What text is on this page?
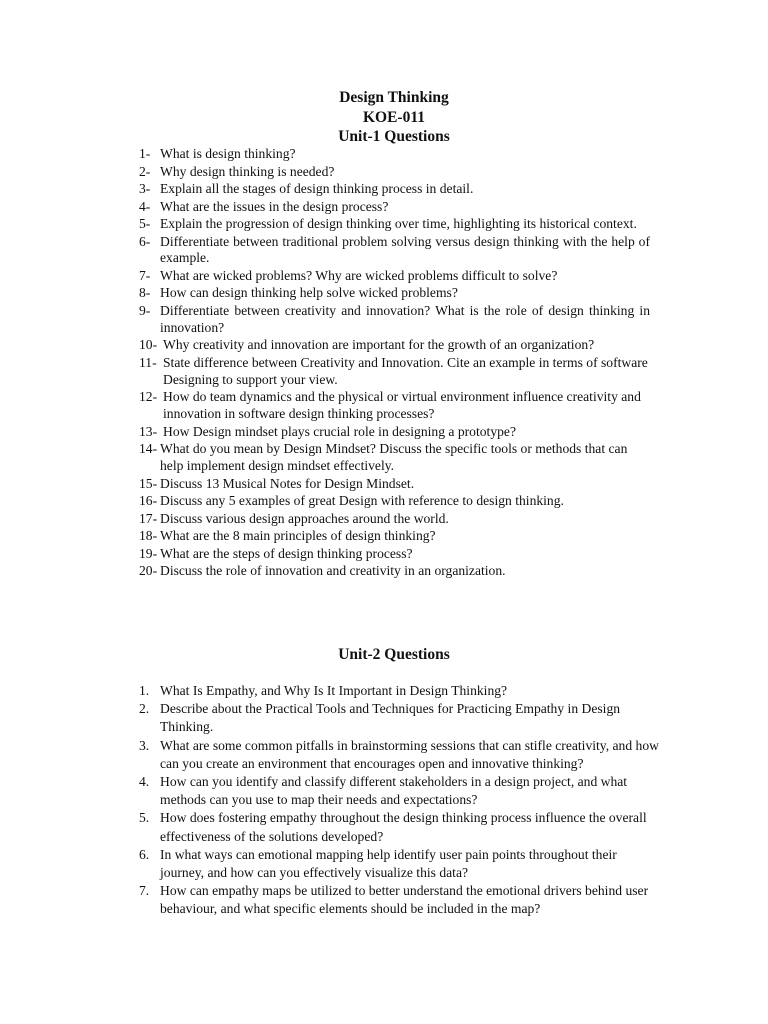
Design Thinking
KOE-011
Unit-1 Questions
1- What is design thinking?
2- Why design thinking is needed?
3- Explain all the stages of design thinking process in detail.
4- What are the issues in the design process?
5- Explain the progression of design thinking over time, highlighting its historical context.
6- Differentiate between traditional problem solving versus design thinking with the help of example.
7- What are wicked problems? Why are wicked problems difficult to solve?
8- How can design thinking help solve wicked problems?
9- Differentiate between creativity and innovation? What is the role of design thinking in innovation?
10- Why creativity and innovation are important for the growth of an organization?
11- State difference between Creativity and Innovation. Cite an example in terms of software Designing to support your view.
12- How do team dynamics and the physical or virtual environment influence creativity and innovation in software design thinking processes?
13- How Design mindset plays crucial role in designing a prototype?
14- What do you mean by Design Mindset? Discuss the specific tools or methods that can help implement design mindset effectively.
15- Discuss 13 Musical Notes for Design Mindset.
16- Discuss any 5 examples of great Design with reference to design thinking.
17- Discuss various design approaches around the world.
18- What are the 8 main principles of design thinking?
19- What are the steps of design thinking process?
20- Discuss the role of innovation and creativity in an organization.
Unit-2 Questions
1. What Is Empathy, and Why Is It Important in Design Thinking?
2. Describe about the Practical Tools and Techniques for Practicing Empathy in Design Thinking.
3. What are some common pitfalls in brainstorming sessions that can stifle creativity, and how can you create an environment that encourages open and innovative thinking?
4. How can you identify and classify different stakeholders in a design project, and what methods can you use to map their needs and expectations?
5. How does fostering empathy throughout the design thinking process influence the overall effectiveness of the solutions developed?
6. In what ways can emotional mapping help identify user pain points throughout their journey, and how can you effectively visualize this data?
7. How can empathy maps be utilized to better understand the emotional drivers behind user behaviour, and what specific elements should be included in the map?
